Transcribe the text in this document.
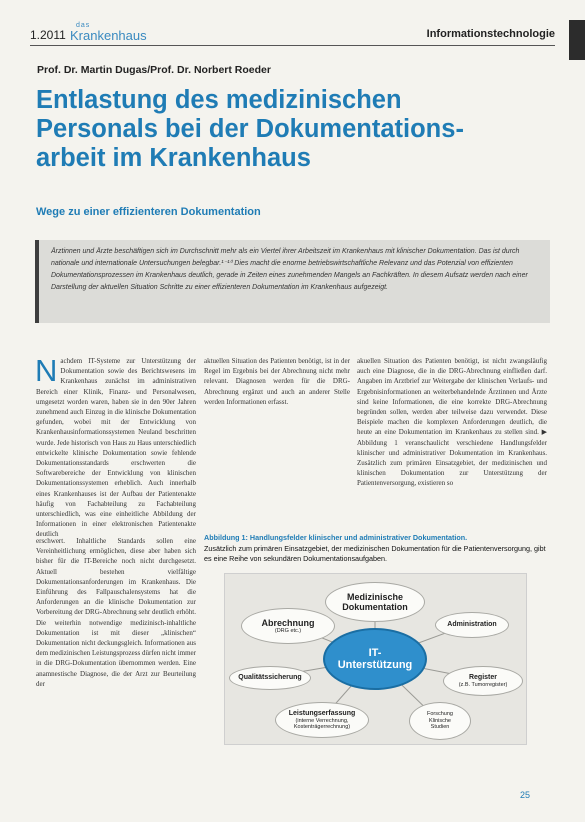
1.2011
das
Krankenhaus	Informationstechnologie
Prof. Dr. Martin Dugas/Prof. Dr. Norbert Roeder
Entlastung des medizinischen
Personals bei der Dokumentations-
arbeit im Krankenhaus
Wege zu einer effizienteren Dokumentation

Ärztinnen und Ärzte beschäftigen sich im Durchschnitt mehr als ein Viertel ihrer Arbeitszeit im Krankenhaus mit klinischer Dokumentation. Das ist durch nationale und internationale Untersuchungen belegbar.¹⁻¹⁰ Dies macht die enorme betriebswirtschaftliche Relevanz und das Potenzial von effizienten Dokumentationsprozessen im Krankenhaus deutlich, gerade in Zeiten eines zunehmenden Mangels an Fachkräften. In diesem Aufsatz werden nach einer Darstellung der aktuellen Situation Schritte zu einer effizienteren Dokumentation im Krankenhaus aufgezeigt.

N achdem IT-Systeme zur Unterstützung der Dokumentation sowie des Berichtswesens im Krankenhaus zunächst im administrativen Bereich einer Klinik, Finanz- und Personalwesen, umgesetzt worden waren, haben sie in den 90er Jahren zunehmend auch Einzug in die klinische Dokumentation gefunden, wobei mit der Entwicklung von Krankenhausinformationssystemen Neuland beschritten wurde. Jede historisch von Haus zu Haus unterschiedlich entwickelte klinische Dokumentation sowie fehlende Dokumentationsstandards erschwerten die Softwarebereiche der Entwicklung von klinischen Dokumentationssystemen erheblich. Auch innerhalb eines Krankenhauses ist der Aufbau der Patientenakte häufig von Fachabteilung zu Fachabteilung unterschiedlich, was eine einheitliche Abbildung der Informationen in einer elektronischen Patientenakte deutlich
aktuellen Situation des Patienten benötigt, ist in der Regel im Ergebnis bei der Abrechnung nicht mehr relevant. Diagnosen werden für die DRG-Abrechnung ergänzt und auch an anderer Stelle werden Informationen erfasst.
akuellen Situation des Patienten benötigt, ist nicht zwangsläufig auch eine Diagnose, die in die DRG-Abrechnung einfließen darf. Angaben im Arztbrief zur Weitergabe der klinischen Verlaufs- und Ergebnisinformationen an weiterbehandelnde Ärztinnen und Ärzte sind keine Informationen, die eine korrekte DRG-Abrechnung begründen sollen, werden aber teilweise dazu verwendet. Diese Beispiele machen die komplexen Anforderungen deutlich, die heute an eine Dokumentation im Krankenhaus zu stellen sind. ▶ Abbildung 1 veranschaulicht verschiedene Handlungsfelder klinischer und administrativer Dokumentation im Krankenhaus. Zusätzlich zum primären Einsatzgebiet, der medizinischen und klinischen Dokumentation zur Unterstützung der Patientenversorgung, existieren so
erschwert. Inhaltliche Standards sollen eine Vereinheitlichung ermöglichen, diese aber haben sich bisher für die IT-Bereiche noch nicht durchgesetzt. Aktuell bestehen vielfältige Dokumentationsanforderungen im Krankenhaus. Die Einführung des Fallpauschalensystems hat die Anforderungen an die klinische Dokumentation zur Vorbereitung der DRG-Abrechnung sehr deutlich erhöht. Die weiterhin notwendige medizinisch-inhaltliche Dokumentation ist mit dieser „klinischen“ Dokumentation nicht deckungsgleich. Informationen aus dem medizinischen Leistungsprozess dürfen nicht immer in die DRG-Dokumentation übernommen werden. Eine anamnestische Diagnose, die der Arzt zur Beurteilung der
Abbildung 1: Handlungsfelder klinischer und administrativer Dokumentation.
Zusätzlich zum primären Einsatzgebiet, der medizinischen Dokumentation für die Patientenversorgung, gibt es eine Reihe von sekundären Dokumentationsaufgaben.
Medizinische
Dokumentation
Abrechnung
(DRG etc.)
Administration
Qualitätssicherung	Register
(z.B. Tumorregister)
Leistungserfassung
(interne Verrechnung,
Kostenträgerrechnung)
Forschung
Klinische
Studien
IT-
Unterstützung
25
